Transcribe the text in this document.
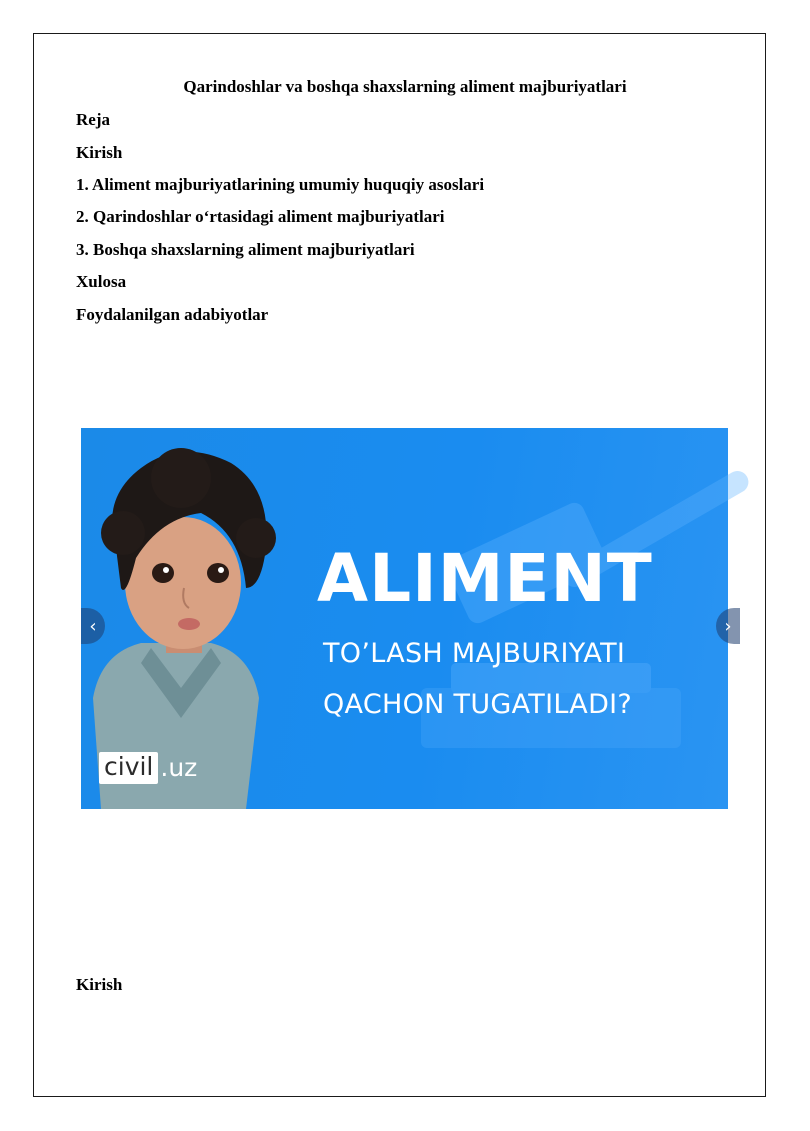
Qarindoshlar va boshqa shaxslarning aliment majburiyatlari
Reja
Kirish
1. Aliment majburiyatlarining umumiy huquqiy asoslari
2. Qarindoshlar o‘rtasidagi aliment majburiyatlari
3. Boshqa shaxslarning aliment majburiyatlari
Xulosa
Foydalanilgan adabiyotlar
ALIMENT
TO’LASH MAJBURIYATI
QACHON TUGATILADI?
civil .uz
‹	›
Kirish
